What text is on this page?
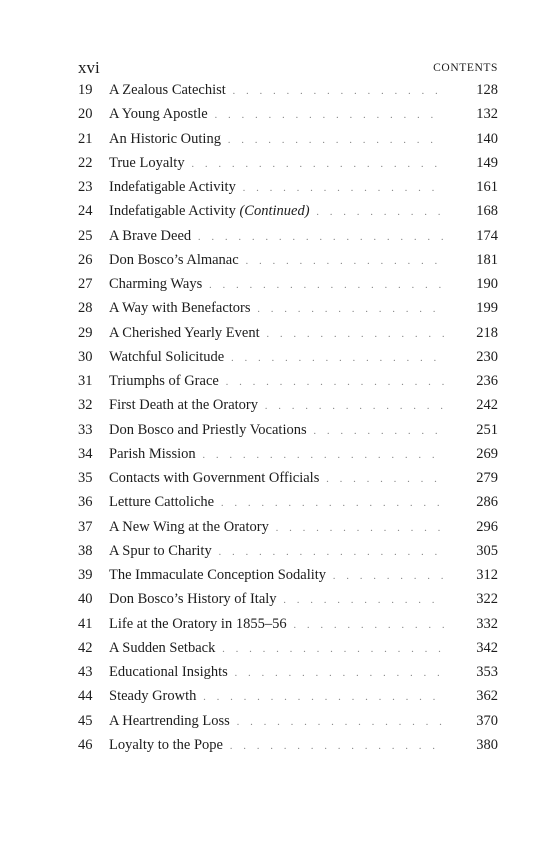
xvi	CONTENTS
19 A Zealous Catechist . .	128
20 A Young Apostle . .	132
21 An Historic Outing . .	140
22 True Loyalty . .	149
23 Indefatigable Activity . .	161
24 Indefatigable Activity (Continued) . .	168
25 A Brave Deed . .	174
26 Don Bosco’s Almanac . .	181
27 Charming Ways . .	190
28 A Way with Benefactors . .	199
29 A Cherished Yearly Event . .	218
30 Watchful Solicitude . .	230
31 Triumphs of Grace . .	236
32 First Death at the Oratory . .	242
33 Don Bosco and Priestly Vocations . .	251
34 Parish Mission . .	269
35 Contacts with Government Officials . .	279
36 Letture Cattoliche . .	286
37 A New Wing at the Oratory . .	296
38 A Spur to Charity . .	305
39 The Immaculate Conception Sodality . .	312
40 Don Bosco’s History of Italy . .	322
41 Life at the Oratory in 1855–56 . .	332
42 A Sudden Setback . .	342
43 Educational Insights . .	353
44 Steady Growth . .	362
45 A Heartrending Loss . .	370
46 Loyalty to the Pope . .	380
